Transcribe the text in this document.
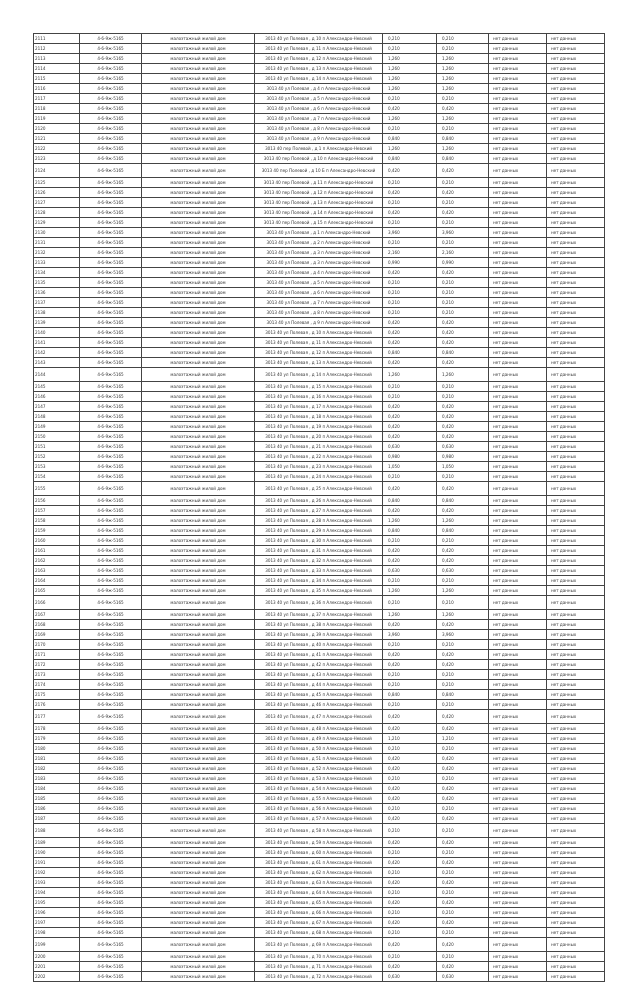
2111	4-6-9ж-5165	малоэтажный жилой дом	3013 40 ул Полевая , д 10 п Александро-Невский	0,210	0,210	нет данных	нет данных
2112	4-6-9ж-5165	малоэтажный жилой дом	3013 40 ул Полевая , д 11 п Александро-Невский	0,210	0,210	нет данных	нет данных
2113	4-6-9ж-5165	малоэтажный жилой дом	3013 40 ул Полевая , д 12 п Александро-Невский	1,260	1,260	нет данных	нет данных
2114	4-6-9ж-5165	малоэтажный жилой дом	3013 40 ул Полевая , д 13 п Александро-Невский	1,260	1,260	нет данных	нет данных
2115	4-6-9ж-5165	малоэтажный жилой дом	3013 40 ул Полевая , д 14 п Александро-Невский	1,260	1,260	нет данных	нет данных
2116	4-6-9ж-5165	малоэтажный жилой дом	3013 40 ул Полевая , д 4 п Александро-Невский	1,260	1,260	нет данных	нет данных
2117	4-6-9ж-5165	малоэтажный жилой дом	3013 40 ул Полевая , д 5 п Александро-Невский	0,210	0,210	нет данных	нет данных
2118	4-6-9ж-5165	малоэтажный жилой дом	3013 40 ул Полевая , д 6 п Александро-Невский	0,420	0,420	нет данных	нет данных
2119	4-6-9ж-5165	малоэтажный жилой дом	3013 40 ул Полевая , д 7 п Александро-Невский	1,260	1,260	нет данных	нет данных
2120	4-6-9ж-5165	малоэтажный жилой дом	3013 40 ул Полевая , д 8 п Александро-Невский	0,210	0,210	нет данных	нет данных
2121	4-6-9ж-5165	малоэтажный жилой дом	3013 40 ул Полевая , д 9 п Александро-Невский	0,840	0,840	нет данных	нет данных
2122	4-6-9ж-5165	малоэтажный жилой дом	3013 40 пер Полевой , д 1 п Александро-Невский	1,260	1,260	нет данных	нет данных
2123	4-6-9ж-5165	малоэтажный жилой дом	3013 40 пер Полевой , д 10 п Александро-Невский	0,840	0,840	нет данных	нет данных
2124	4-6-9ж-5165	малоэтажный жилой дом	3013 40 пер Полевой , д 10 Б п Александро-Невский	0,420	0,420	нет данных	нет данных
2125	4-6-9ж-5165	малоэтажный жилой дом	3013 40 пер Полевой , д 11 п Александро-Невский	0,210	0,210	нет данных	нет данных
2126	4-6-9ж-5165	малоэтажный жилой дом	3013 40 пер Полевой , д 12 п Александро-Невский	0,420	0,420	нет данных	нет данных
2127	4-6-9ж-5165	малоэтажный жилой дом	3013 40 пер Полевой , д 13 п Александро-Невский	0,210	0,210	нет данных	нет данных
2128	4-6-9ж-5165	малоэтажный жилой дом	3013 40 пер Полевой , д 14 п Александро-Невский	0,420	0,420	нет данных	нет данных
2129	4-6-9ж-5165	малоэтажный жилой дом	3013 40 пер Полевой , д 15 п Александро-Невский	0,210	0,210	нет данных	нет данных
2130	4-6-9ж-5165	малоэтажный жилой дом	3013 40 ул Полевая , д 1 п Александро-Невский	3,960	3,960	нет данных	нет данных
2131	4-6-9ж-5165	малоэтажный жилой дом	3013 40 ул Полевая , д 2 п Александро-Невский	0,210	0,210	нет данных	нет данных
2132	4-6-9ж-5165	малоэтажный жилой дом	3013 40 ул Полевая , д 3 п Александро-Невский	2,160	2,160	нет данных	нет данных
2133	4-6-9ж-5165	малоэтажный жилой дом	3013 40 ул Полевая , д 3 п Александро-Невский	0,990	0,990	нет данных	нет данных
2134	4-6-9ж-5165	малоэтажный жилой дом	3013 40 ул Полевая , д 4 п Александро-Невский	0,420	0,420	нет данных	нет данных
2135	4-6-9ж-5165	малоэтажный жилой дом	3013 40 ул Полевая , д 5 п Александро-Невский	0,210	0,210	нет данных	нет данных
2136	4-6-9ж-5165	малоэтажный жилой дом	3013 40 ул Полевая , д 6 п Александро-Невский	0,210	0,210	нет данных	нет данных
2137	4-6-9ж-5165	малоэтажный жилой дом	3013 40 ул Полевая , д 7 п Александро-Невский	0,210	0,210	нет данных	нет данных
2138	4-6-9ж-5165	малоэтажный жилой дом	3013 40 ул Полевая , д 8 п Александро-Невский	0,210	0,210	нет данных	нет данных
2139	4-6-9ж-5165	малоэтажный жилой дом	3013 40 ул Полевая , д 9 п Александро-Невский	0,420	0,420	нет данных	нет данных
2140	4-6-9ж-5165	малоэтажный жилой дом	3013 40 ул Полевая , д 10 п Александро-Невский	0,420	0,420	нет данных	нет данных
2141	4-6-9ж-5165	малоэтажный жилой дом	3013 40 ул Полевая , д 11 п Александро-Невский	0,420	0,420	нет данных	нет данных
2142	4-6-9ж-5165	малоэтажный жилой дом	3013 40 ул Полевая , д 12 п Александро-Невский	0,840	0,840	нет данных	нет данных
2143	4-6-9ж-5165	малоэтажный жилой дом	3013 40 ул Полевая , д 13 п Александро-Невский	0,420	0,420	нет данных	нет данных
2144	4-6-9ж-5165	малоэтажный жилой дом	3013 40 ул Полевая , д 14 п Александро-Невский	1,260	1,260	нет данных	нет данных
2145	4-6-9ж-5165	малоэтажный жилой дом	3013 40 ул Полевая , д 15 п Александро-Невский	0,210	0,210	нет данных	нет данных
2146	4-6-9ж-5165	малоэтажный жилой дом	3013 40 ул Полевая , д 16 п Александро-Невский	0,210	0,210	нет данных	нет данных
2147	4-6-9ж-5165	малоэтажный жилой дом	3013 40 ул Полевая , д 17 п Александро-Невский	0,420	0,420	нет данных	нет данных
2148	4-6-9ж-5165	малоэтажный жилой дом	3013 40 ул Полевая , д 18 п Александро-Невский	0,420	0,420	нет данных	нет данных
2149	4-6-9ж-5165	малоэтажный жилой дом	3013 40 ул Полевая , д 19 п Александро-Невский	0,420	0,420	нет данных	нет данных
2150	4-6-9ж-5165	малоэтажный жилой дом	3013 40 ул Полевая , д 20 п Александро-Невский	0,420	0,420	нет данных	нет данных
2151	4-6-9ж-5165	малоэтажный жилой дом	3013 40 ул Полевая , д 21 п Александро-Невский	0,630	0,630	нет данных	нет данных
2152	4-6-9ж-5165	малоэтажный жилой дом	3013 40 ул Полевая , д 22 п Александро-Невский	0,980	0,980	нет данных	нет данных
2153	4-6-9ж-5165	малоэтажный жилой дом	3013 40 ул Полевая , д 23 п Александро-Невский	1,050	1,050	нет данных	нет данных
2154	4-6-9ж-5165	малоэтажный жилой дом	3013 40 ул Полевая , д 24 п Александро-Невский	0,210	0,210	нет данных	нет данных
2155	4-6-9ж-5165	малоэтажный жилой дом	3013 40 ул Полевая , д 25 п Александро-Невский	0,420	0,420	нет данных	нет данных
2156	4-6-9ж-5165	малоэтажный жилой дом	3013 40 ул Полевая , д 26 п Александро-Невский	0,840	0,840	нет данных	нет данных
2157	4-6-9ж-5165	малоэтажный жилой дом	3013 40 ул Полевая , д 27 п Александро-Невский	0,420	0,420	нет данных	нет данных
2158	4-6-9ж-5165	малоэтажный жилой дом	3013 40 ул Полевая , д 28 п Александро-Невский	1,260	1,260	нет данных	нет данных
2159	4-6-9ж-5165	малоэтажный жилой дом	3013 40 ул Полевая , д 29 п Александро-Невский	0,840	0,840	нет данных	нет данных
2160	4-6-9ж-5165	малоэтажный жилой дом	3013 40 ул Полевая , д 30 п Александро-Невский	0,210	0,210	нет данных	нет данных
2161	4-6-9ж-5165	малоэтажный жилой дом	3013 40 ул Полевая , д 31 п Александро-Невский	0,420	0,420	нет данных	нет данных
2162	4-6-9ж-5165	малоэтажный жилой дом	3013 40 ул Полевая , д 32 п Александро-Невский	0,420	0,420	нет данных	нет данных
2163	4-6-9ж-5165	малоэтажный жилой дом	3013 40 ул Полевая , д 33 п Александро-Невский	0,630	0,630	нет данных	нет данных
2164	4-6-9ж-5165	малоэтажный жилой дом	3013 40 ул Полевая , д 34 п Александро-Невский	0,210	0,210	нет данных	нет данных
2165	4-6-9ж-5165	малоэтажный жилой дом	3013 40 ул Полевая , д 35 п Александро-Невский	1,260	1,260	нет данных	нет данных
2166	4-6-9ж-5165	малоэтажный жилой дом	3013 40 ул Полевая , д 36 п Александро-Невский	0,210	0,210	нет данных	нет данных
2167	4-6-9ж-5165	малоэтажный жилой дом	3013 40 ул Полевая , д 37 п Александро-Невский	1,260	1,260	нет данных	нет данных
2168	4-6-9ж-5165	малоэтажный жилой дом	3013 40 ул Полевая , д 38 п Александро-Невский	0,420	0,420	нет данных	нет данных
2169	4-6-9ж-5165	малоэтажный жилой дом	3013 40 ул Полевая , д 39 п Александро-Невский	3,960	3,960	нет данных	нет данных
2170	4-6-9ж-5165	малоэтажный жилой дом	3013 40 ул Полевая , д 40 п Александро-Невский	0,210	0,210	нет данных	нет данных
2171	4-6-9ж-5165	малоэтажный жилой дом	3013 40 ул Полевая , д 41 п Александро-Невский	0,420	0,420	нет данных	нет данных
2172	4-6-9ж-5165	малоэтажный жилой дом	3013 40 ул Полевая , д 42 п Александро-Невский	0,420	0,420	нет данных	нет данных
2173	4-6-9ж-5165	малоэтажный жилой дом	3013 40 ул Полевая , д 43 п Александро-Невский	0,210	0,210	нет данных	нет данных
2174	4-6-9ж-5165	малоэтажный жилой дом	3013 40 ул Полевая , д 44 п Александро-Невский	0,210	0,210	нет данных	нет данных
2175	4-6-9ж-5165	малоэтажный жилой дом	3013 40 ул Полевая , д 45 п Александро-Невский	0,840	0,840	нет данных	нет данных
2176	4-6-9ж-5165	малоэтажный жилой дом	3013 40 ул Полевая , д 46 п Александро-Невский	0,210	0,210	нет данных	нет данных
2177	4-6-9ж-5165	малоэтажный жилой дом	3013 40 ул Полевая , д 47 п Александро-Невский	0,420	0,420	нет данных	нет данных
2178	4-6-9ж-5165	малоэтажный жилой дом	3013 40 ул Полевая , д 48 п Александро-Невский	0,420	0,420	нет данных	нет данных
2179	4-6-9ж-5165	малоэтажный жилой дом	3013 40 ул Полевая , д 49 п Александро-Невский	1,210	1,210	нет данных	нет данных
2180	4-6-9ж-5165	малоэтажный жилой дом	3013 40 ул Полевая , д 50 п Александро-Невский	0,210	0,210	нет данных	нет данных
2181	4-6-9ж-5165	малоэтажный жилой дом	3013 40 ул Полевая , д 51 п Александро-Невский	0,420	0,420	нет данных	нет данных
2182	4-6-9ж-5165	малоэтажный жилой дом	3013 40 ул Полевая , д 52 п Александро-Невский	0,420	0,420	нет данных	нет данных
2183	4-6-9ж-5165	малоэтажный жилой дом	3013 40 ул Полевая , д 53 п Александро-Невский	0,210	0,210	нет данных	нет данных
2184	4-6-9ж-5165	малоэтажный жилой дом	3013 40 ул Полевая , д 54 п Александро-Невский	0,420	0,420	нет данных	нет данных
2185	4-6-9ж-5165	малоэтажный жилой дом	3013 40 ул Полевая , д 55 п Александро-Невский	0,420	0,420	нет данных	нет данных
2186	4-6-9ж-5165	малоэтажный жилой дом	3013 40 ул Полевая , д 56 п Александро-Невский	0,210	0,210	нет данных	нет данных
2187	4-6-9ж-5165	малоэтажный жилой дом	3013 40 ул Полевая , д 57 п Александро-Невский	0,420	0,420	нет данных	нет данных
2188	4-6-9ж-5165	малоэтажный жилой дом	3013 40 ул Полевая , д 58 п Александро-Невский	0,210	0,210	нет данных	нет данных
2189	4-6-9ж-5165	малоэтажный жилой дом	3013 40 ул Полевая , д 59 п Александро-Невский	0,420	0,420	нет данных	нет данных
2190	4-6-9ж-5165	малоэтажный жилой дом	3013 40 ул Полевая , д 60 п Александро-Невский	0,210	0,210	нет данных	нет данных
2191	4-6-9ж-5165	малоэтажный жилой дом	3013 40 ул Полевая , д 61 п Александро-Невский	0,420	0,420	нет данных	нет данных
2192	4-6-9ж-5165	малоэтажный жилой дом	3013 40 ул Полевая , д 62 п Александро-Невский	0,210	0,210	нет данных	нет данных
2193	4-6-9ж-5165	малоэтажный жилой дом	3013 40 ул Полевая , д 63 п Александро-Невский	0,420	0,420	нет данных	нет данных
2194	4-6-9ж-5165	малоэтажный жилой дом	3013 40 ул Полевая , д 64 п Александро-Невский	0,210	0,210	нет данных	нет данных
2195	4-6-9ж-5165	малоэтажный жилой дом	3013 40 ул Полевая , д 65 п Александро-Невский	0,420	0,420	нет данных	нет данных
2196	4-6-9ж-5165	малоэтажный жилой дом	3013 40 ул Полевая , д 66 п Александро-Невский	0,210	0,210	нет данных	нет данных
2197	4-6-9ж-5165	малоэтажный жилой дом	3013 40 ул Полевая , д 67 п Александро-Невский	0,420	0,420	нет данных	нет данных
2198	4-6-9ж-5165	малоэтажный жилой дом	3013 40 ул Полевая , д 68 п Александро-Невский	0,210	0,210	нет данных	нет данных
2199	4-6-9ж-5165	малоэтажный жилой дом	3013 40 ул Полевая , д 69 п Александро-Невский	0,420	0,420	нет данных	нет данных
2200	4-6-9ж-5165	малоэтажный жилой дом	3013 40 ул Полевая , д 70 п Александро-Невский	0,210	0,210	нет данных	нет данных
2201	4-6-9ж-5165	малоэтажный жилой дом	3013 40 ул Полевая , д 71 п Александро-Невский	0,420	0,420	нет данных	нет данных
2202	4-6-9ж-5165	малоэтажный жилой дом	3013 40 ул Полевая , д 72 п Александро-Невский	0,630	0,630	нет данных	нет данных
